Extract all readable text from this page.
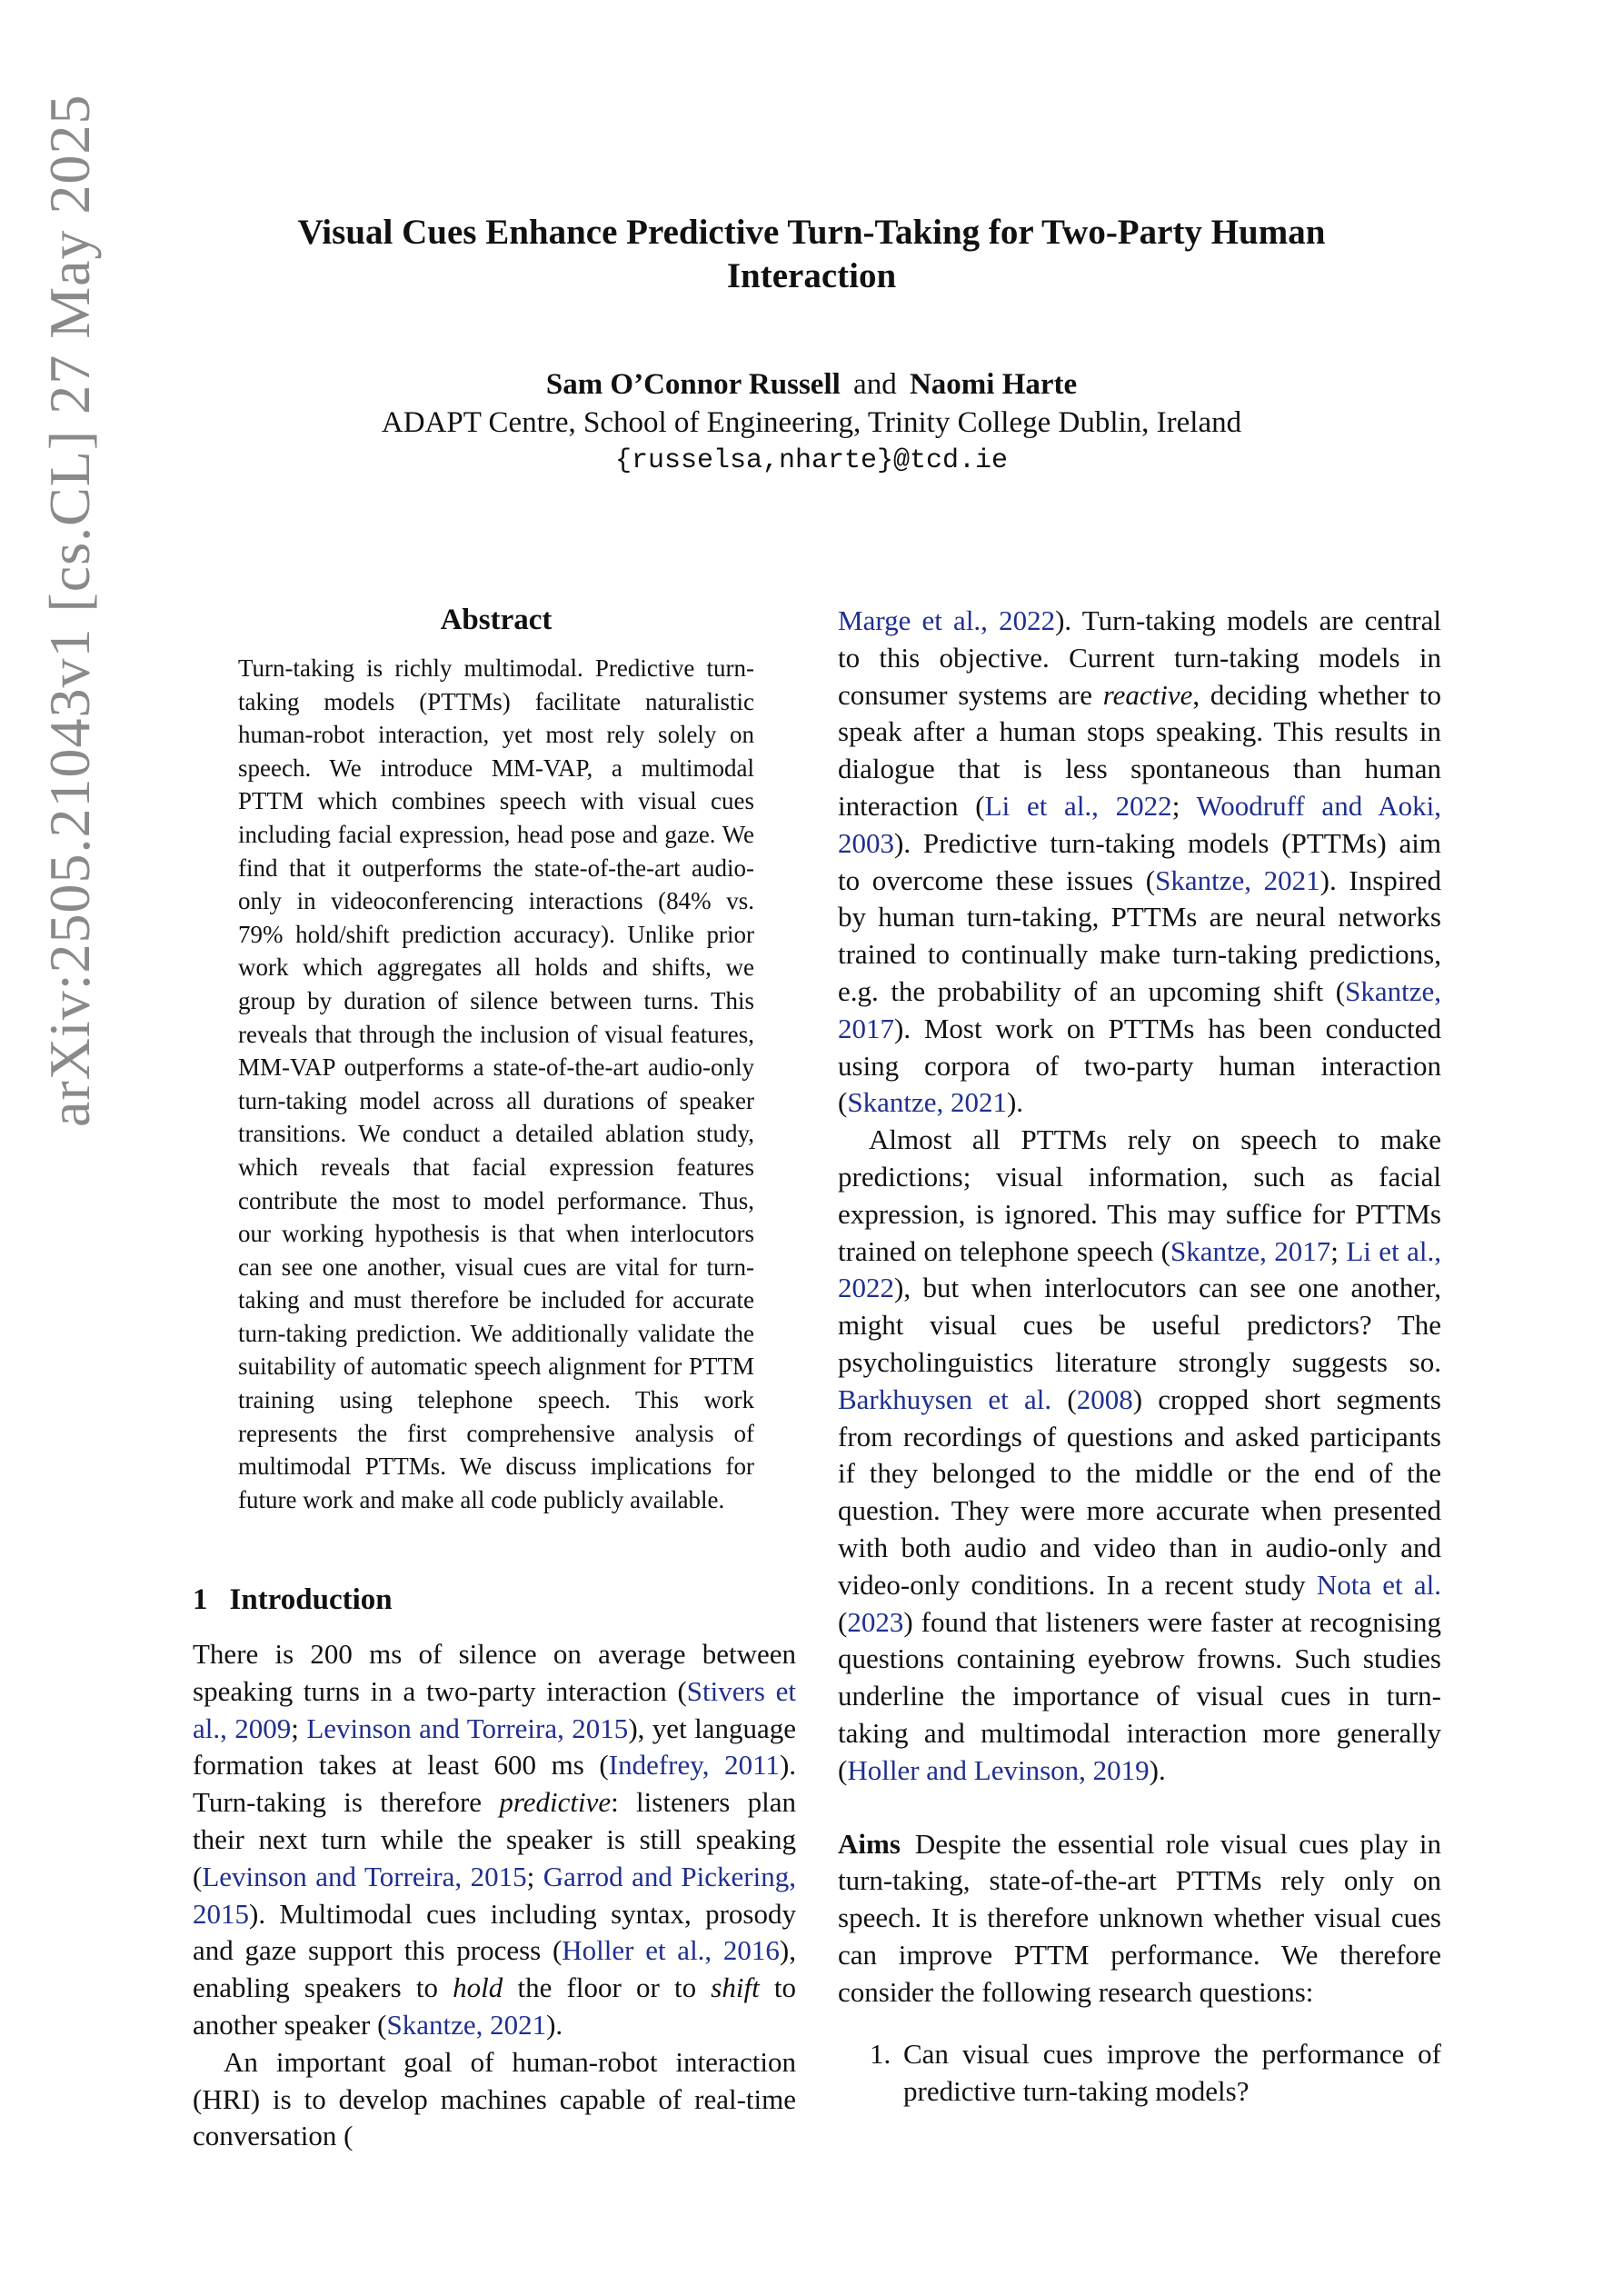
arXiv:2505.21043v1 [cs.CL] 27 May 2025	Visual Cues Enhance Predictive Turn-Taking for Two-Party Human
Interaction
Sam O’Connor Russell and Naomi Harte
ADAPT Centre, School of Engineering, Trinity College Dublin, Ireland
{russelsa,nharte}@tcd.ie
Abstract
Turn-taking is richly multimodal. Predictive turn-taking models (PTTMs) facilitate naturalistic human-robot interaction, yet most rely solely on speech. We introduce MM-VAP, a multimodal PTTM which combines speech with visual cues including facial expression, head pose and gaze. We find that it outperforms the state-of-the-art audio-only in videoconferencing interactions (84% vs. 79% hold/shift prediction accuracy). Unlike prior work which aggregates all holds and shifts, we group by duration of silence between turns. This reveals that through the inclusion of visual features, MM-VAP outperforms a state-of-the-art audio-only turn-taking model across all durations of speaker transitions. We conduct a detailed ablation study, which reveals that facial expression features contribute the most to model performance. Thus, our working hypothesis is that when interlocutors can see one another, visual cues are vital for turn-taking and must therefore be included for accurate turn-taking prediction. We additionally validate the suitability of automatic speech alignment for PTTM training using telephone speech. This work represents the first comprehensive analysis of multimodal PTTMs. We discuss implications for future work and make all code publicly available.
1 Introduction

There is 200 ms of silence on average between speaking turns in a two-party interaction (Stivers et al., 2009; Levinson and Torreira, 2015), yet language formation takes at least 600 ms (Indefrey, 2011). Turn-taking is therefore predictive: listeners plan their next turn while the speaker is still speaking (Levinson and Torreira, 2015; Garrod and Pickering, 2015). Multimodal cues including syntax, prosody and gaze support this process (Holler et al., 2016), enabling speakers to hold the floor or to shift to another speaker (Skantze, 2021).

An important goal of human-robot interaction (HRI) is to develop machines capable of real-time conversation (

Marge et al., 2022). Turn-taking models are central to this objective. Current turn-taking models in consumer systems are reactive, deciding whether to speak after a human stops speaking. This results in dialogue that is less spontaneous than human interaction (Li et al., 2022; Woodruff and Aoki, 2003). Predictive turn-taking models (PTTMs) aim to overcome these issues (Skantze, 2021). Inspired by human turn-taking, PTTMs are neural networks trained to continually make turn-taking predictions, e.g. the probability of an upcoming shift (Skantze, 2017). Most work on PTTMs has been conducted using corpora of two-party human interaction (Skantze, 2021).

Almost all PTTMs rely on speech to make predictions; visual information, such as facial expression, is ignored. This may suffice for PTTMs trained on telephone speech (Skantze, 2017; Li et al., 2022), but when interlocutors can see one another, might visual cues be useful predictors? The psycholinguistics literature strongly suggests so. Barkhuysen et al. (2008) cropped short segments from recordings of questions and asked participants if they belonged to the middle or the end of the question. They were more accurate when presented with both audio and video than in audio-only and video-only conditions. In a recent study Nota et al. (2023) found that listeners were faster at recognising questions containing eyebrow frowns. Such studies underline the importance of visual cues in turn-taking and multimodal interaction more generally (Holler and Levinson, 2019).

Aims Despite the essential role visual cues play in turn-taking, state-of-the-art PTTMs rely only on speech. It is therefore unknown whether visual cues can improve PTTM performance. We therefore consider the following research questions:

1. Can visual cues improve the performance of predictive turn-taking models?
